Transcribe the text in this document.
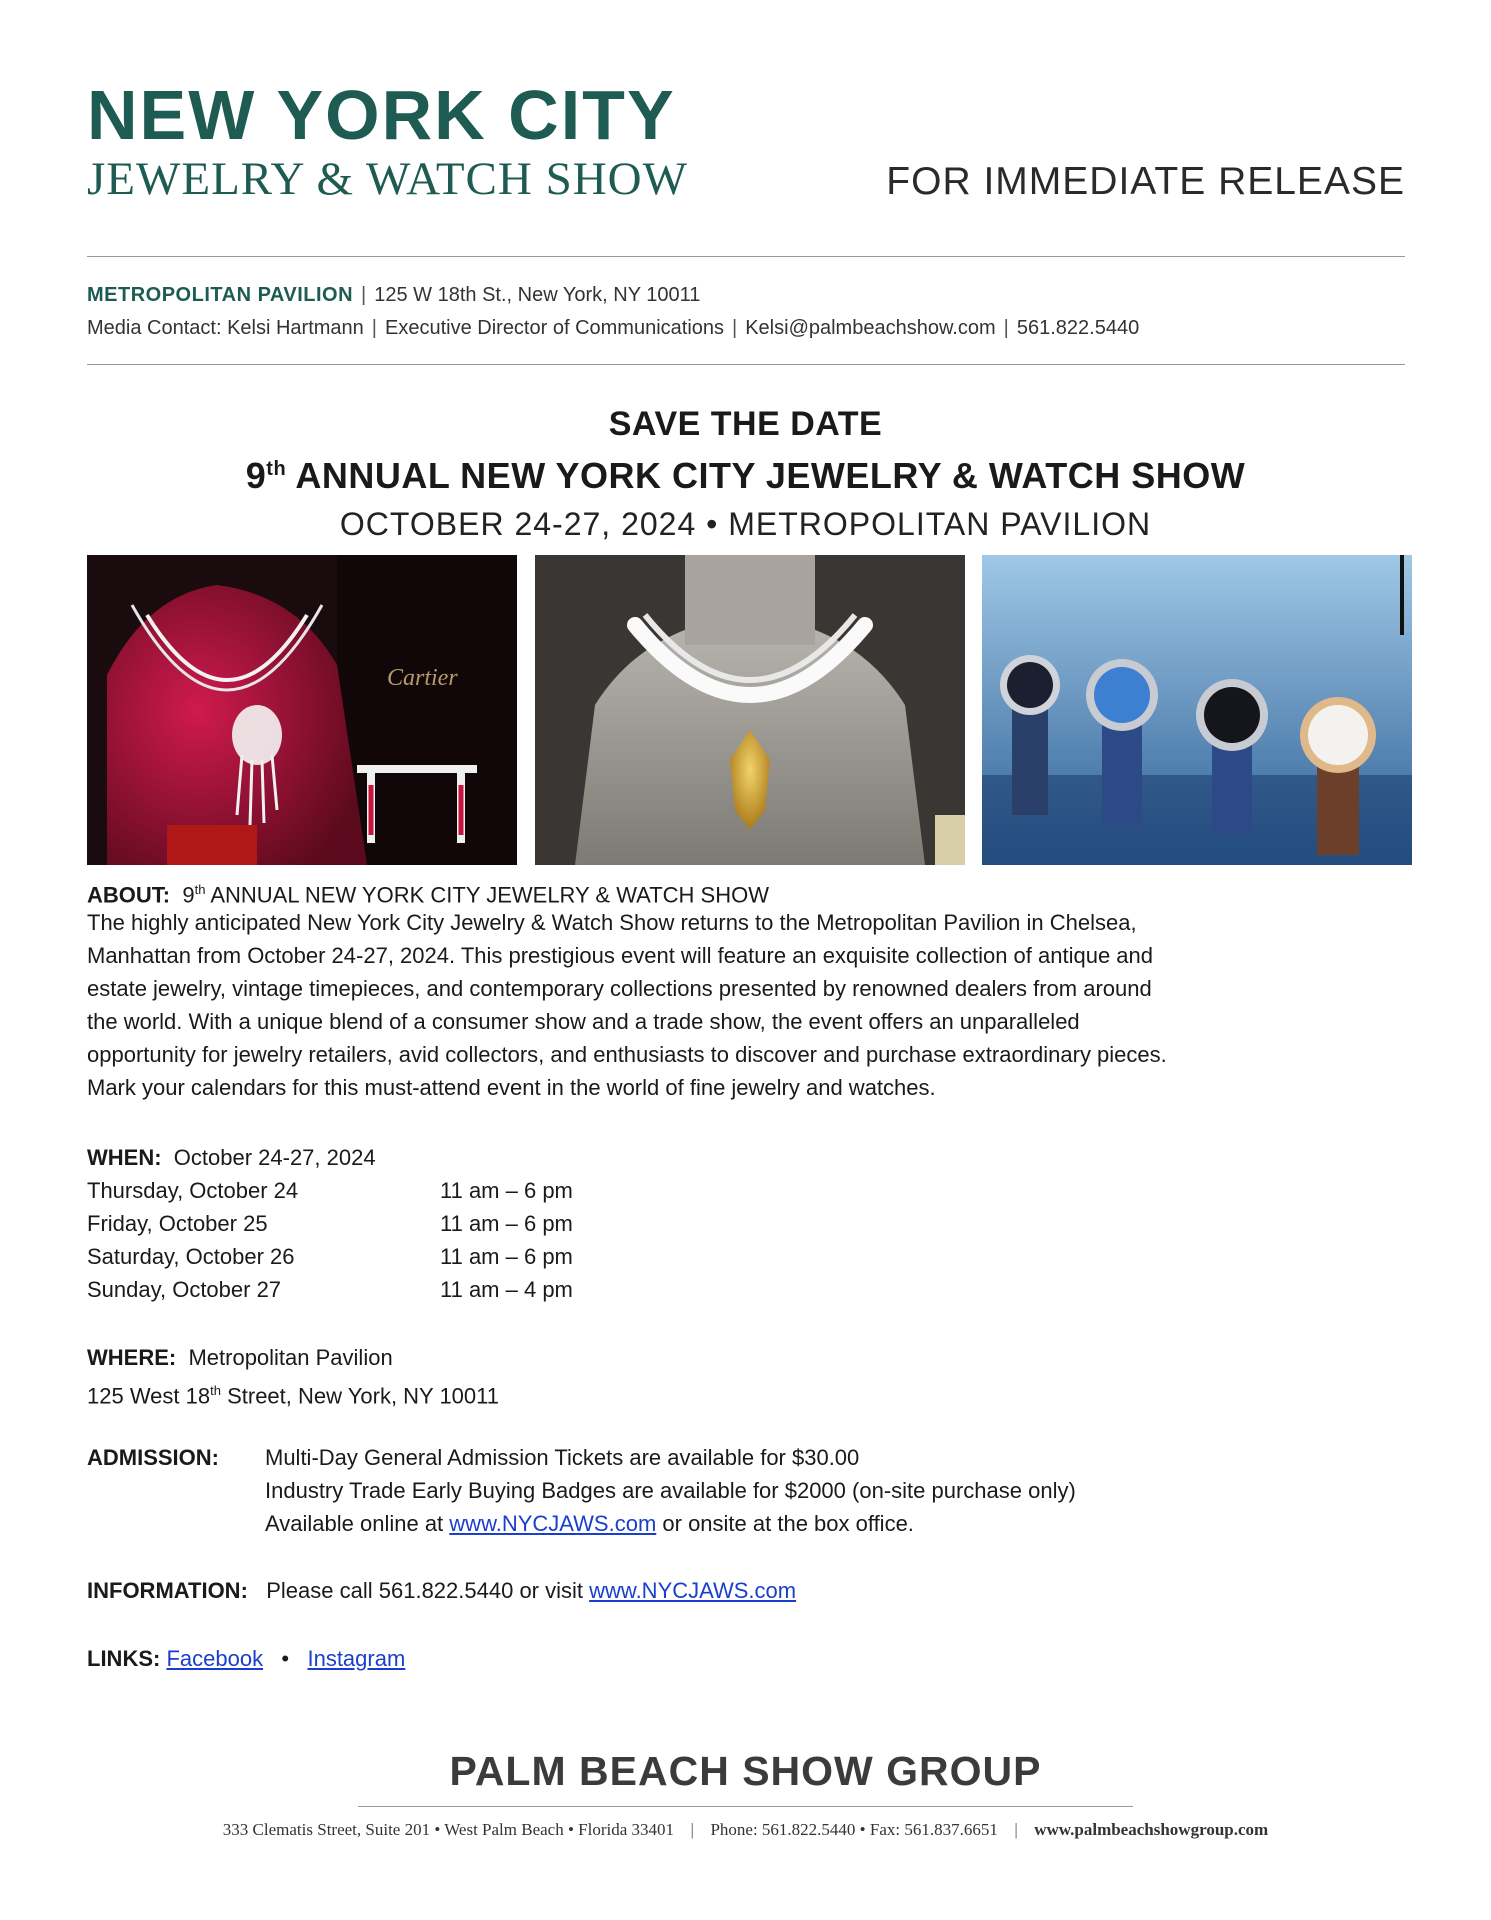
NEW YORK CITY
JEWELRY & WATCH SHOW	FOR IMMEDIATE RELEASE
METROPOLITAN PAVILION | 125 W 18th St., New York, NY 10011
Media Contact: Kelsi Hartmann | Executive Director of Communications | Kelsi@palmbeachshow.com | 561.822.5440
SAVE THE DATE
9th ANNUAL NEW YORK CITY JEWELRY & WATCH SHOW
OCTOBER 24-27, 2024 • METROPOLITAN PAVILION
Cartier
ABOUT: 9th ANNUAL NEW YORK CITY JEWELRY & WATCH SHOW
The highly anticipated New York City Jewelry & Watch Show returns to the Metropolitan Pavilion in Chelsea,
Manhattan from October 24-27, 2024. This prestigious event will feature an exquisite collection of antique and
estate jewelry, vintage timepieces, and contemporary collections presented by renowned dealers from around
the world. With a unique blend of a consumer show and a trade show, the event offers an unparalleled
opportunity for jewelry retailers, avid collectors, and enthusiasts to discover and purchase extraordinary pieces.
Mark your calendars for this must-attend event in the world of fine jewelry and watches.
WHEN: October 24-27, 2024
Thursday, October 24	11 am – 6 pm
Friday, October 25	11 am – 6 pm
Saturday, October 26	11 am – 6 pm
Sunday, October 27	11 am – 4 pm
WHERE: Metropolitan Pavilion
125 West 18th Street, New York, NY 10011
ADMISSION:	Multi-Day General Admission Tickets are available for $30.00
Industry Trade Early Buying Badges are available for $2000 (on-site purchase only)
Available online at www.NYCJAWS.com or onsite at the box office.
INFORMATION: Please call 561.822.5440 or visit www.NYCJAWS.com
LINKS: Facebook • Instagram
PALM BEACH SHOW GROUP
333 Clematis Street, Suite 201 • West Palm Beach • Florida 33401  |  Phone: 561.822.5440 • Fax: 561.837.6651  |  www.palmbeachshowgroup.com
